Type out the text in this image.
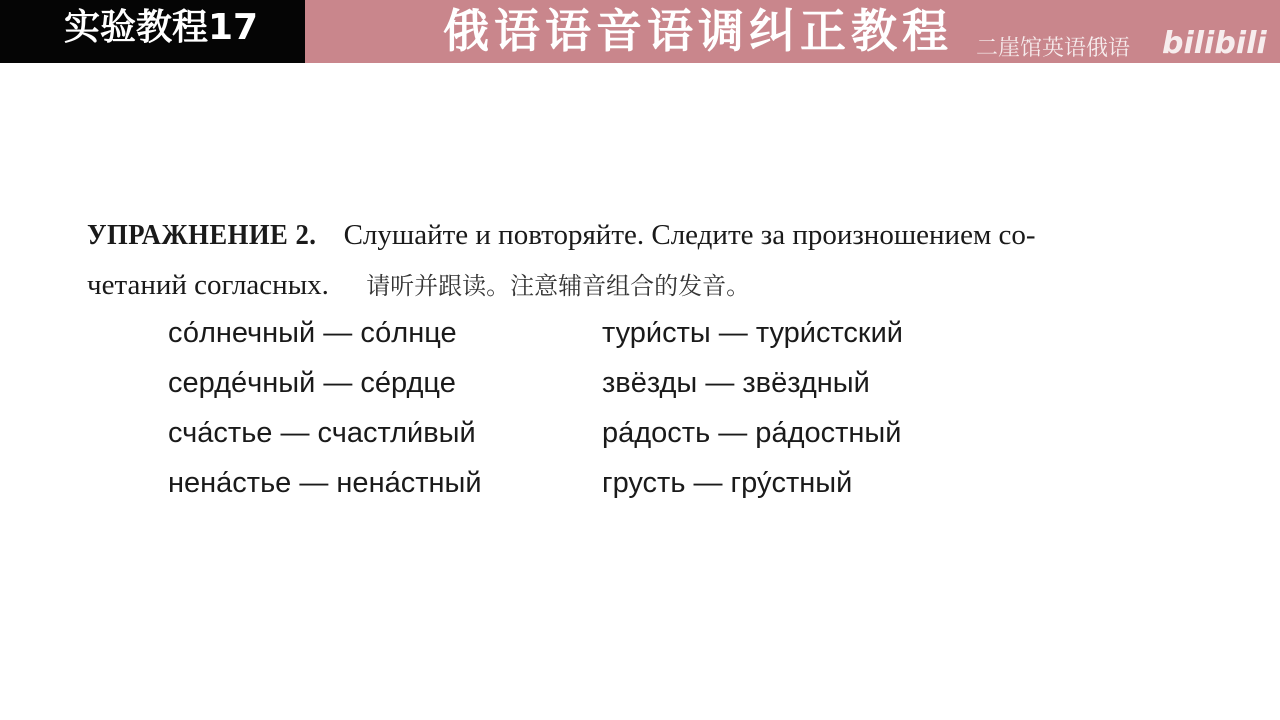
实验教程17	俄语语音语调纠正教程 二崖馆英语俄语 bilibili
УПРАЖНЕНИЕ 2. Слушайте и повторяйте. Следите за произношением со-
четаний согласных. 请听并跟读。注意辅音组合的发音。
со́лнечный — со́лнце	тури́сты — тури́стский
серде́чный — се́рдце	звёзды — звёздный
сча́стье — счастли́вый	ра́дость — ра́достный
нена́стье — нена́стный	грусть — гру́стный
